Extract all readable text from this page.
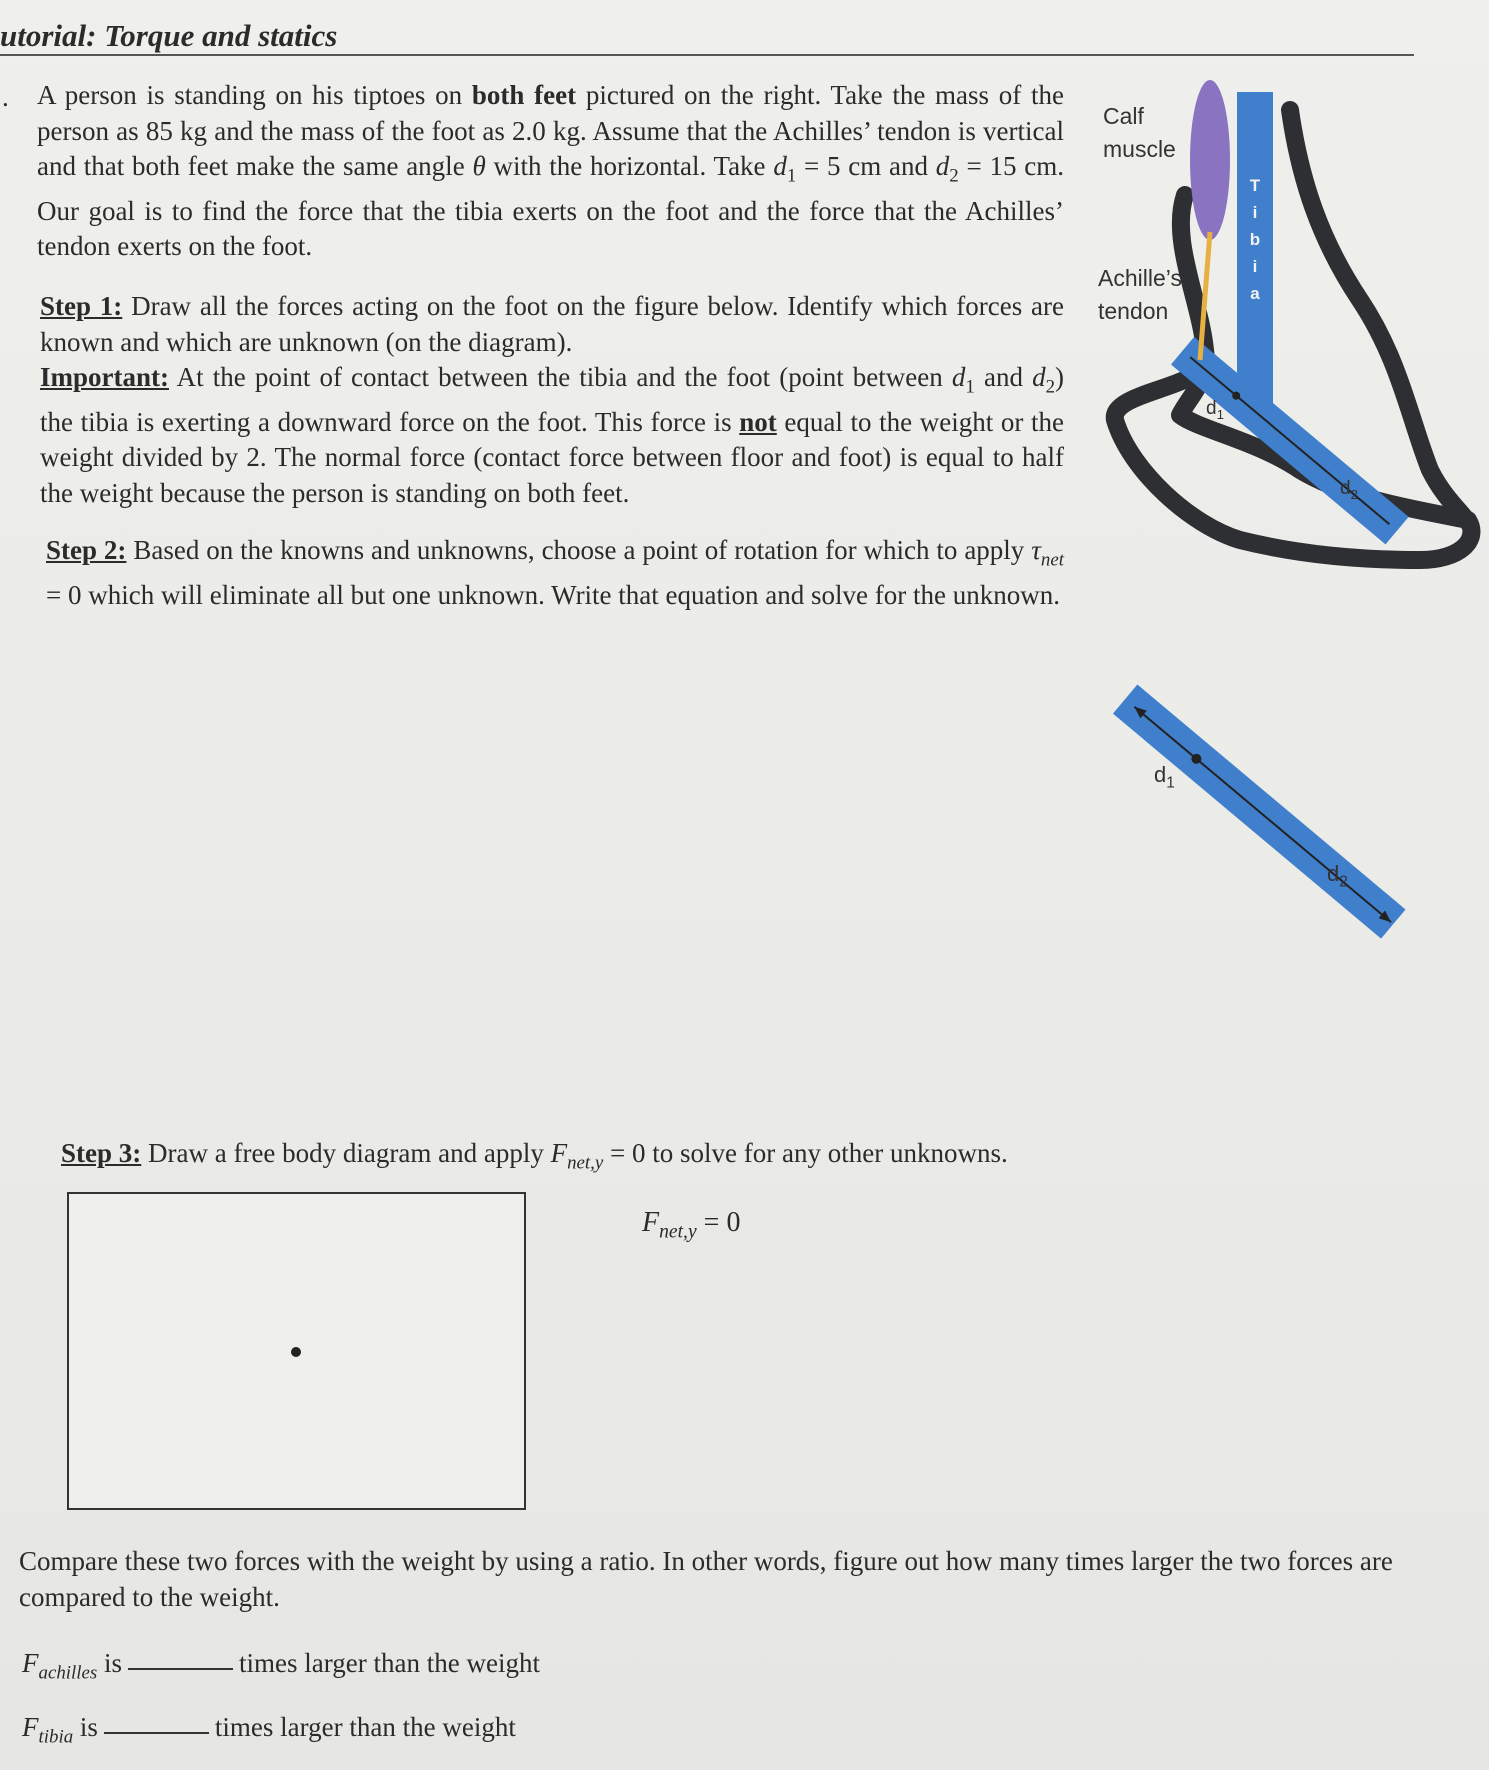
utorial: Torque and statics
. A person is standing on his tiptoes on both feet pictured on the right. Take the mass of the person as 85 kg and the mass of the foot as 2.0 kg. Assume that the Achilles’ tendon is vertical and that both feet make the same angle θ with the horizontal. Take $d_1 = 5$ cm and $d_2 = 15$ cm. Our goal is to find the force that the tibia exerts on the foot and the force that the Achilles’ tendon exerts on the foot.

Step 1: Draw all the forces acting on the foot on the figure below. Identify which forces are known and which are unknown (on the diagram).
Important: At the point of contact between the tibia and the foot (point between $d_1$ and $d_2$) the tibia is exerting a downward force on the foot. This force is not equal to the weight or the weight divided by 2. The normal force (contact force between floor and foot) is equal to half the weight because the person is standing on both feet.

Step 2: Based on the knowns and unknowns, choose a point of rotation for which to apply $\tau_{net} = 0$ which will eliminate all but one unknown. Write that equation and solve for the unknown.

Step 3: Draw a free body diagram and apply $F_{net,y} = 0$ to solve for any other unknowns.
$F_{net,y} = 0$

Compare these two forces with the weight by using a ratio. In other words, figure out how many times larger the two forces are compared to the weight.

$F_{achilles}$ is	times larger than the weight
$F_{tibia}$ is	times larger than the weight
Calf
muscle
Achille’s
tendon
T
i
b
i
a
$d_1$
$d_2$
$d_1$
$d_2$
